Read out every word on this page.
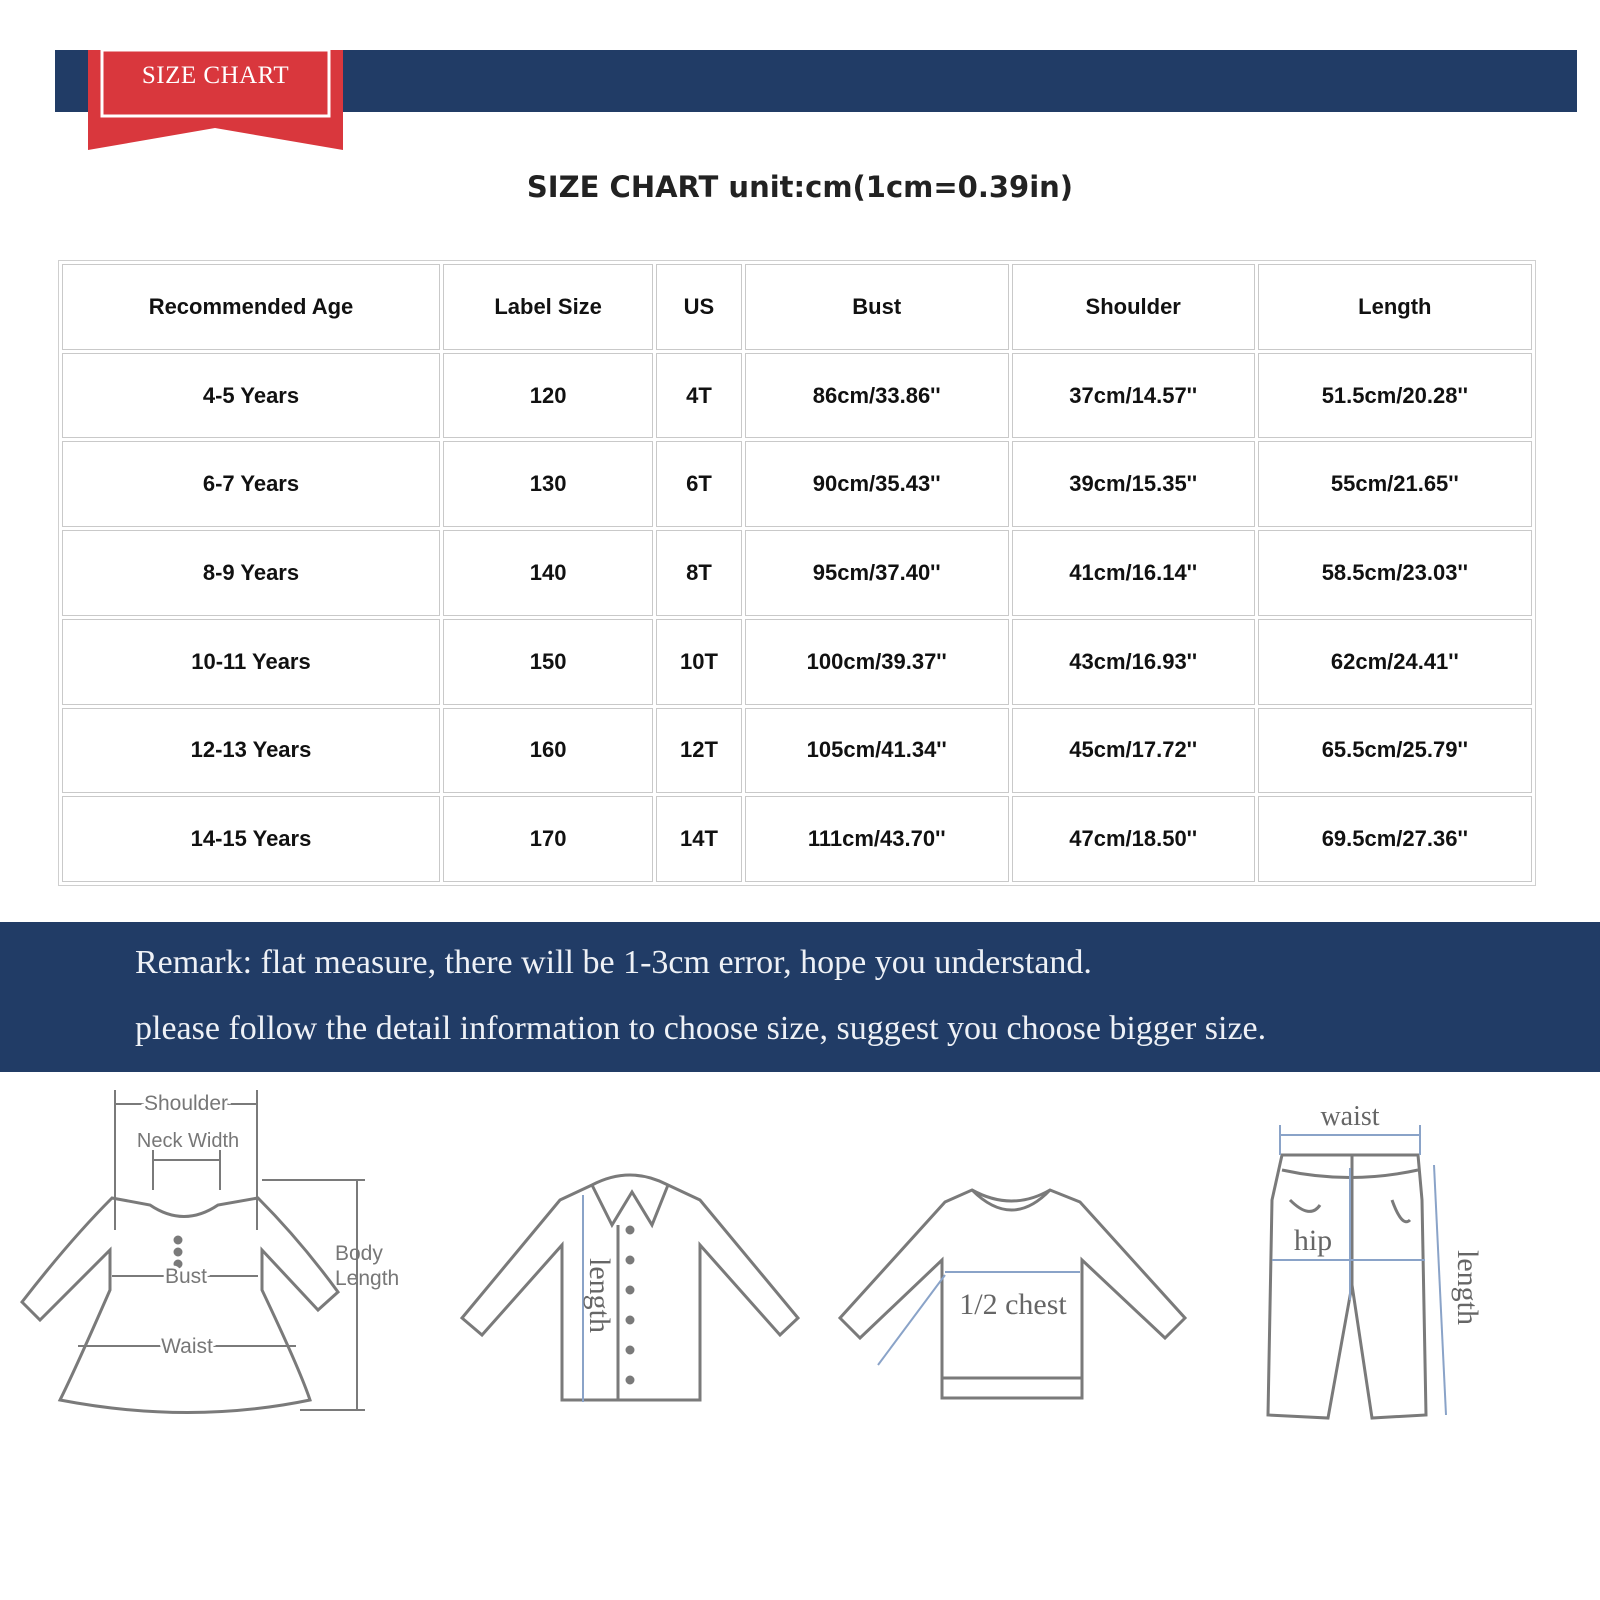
SIZE CHART
SIZE CHART unit:cm(1cm=0.39in)
Recommended Age	Label Size	US	Bust	Shoulder	Length
4-5 Years	120	4T	86cm/33.86''	37cm/14.57''	51.5cm/20.28''
6-7 Years	130	6T	90cm/35.43''	39cm/15.35''	55cm/21.65''
8-9 Years	140	8T	95cm/37.40''	41cm/16.14''	58.5cm/23.03''
10-11 Years	150	10T	100cm/39.37''	43cm/16.93''	62cm/24.41''
12-13 Years	160	12T	105cm/41.34''	45cm/17.72''	65.5cm/25.79''
14-15 Years	170	14T	111cm/43.70''	47cm/18.50''	69.5cm/27.36''
Remark: flat measure, there will be 1-3cm error, hope you understand.
please follow the detail information to choose size, suggest you choose bigger size.
Shoulder
Neck Width
Bust
Waist
Body
Length	length	1/2 chest
waist
hip
length
